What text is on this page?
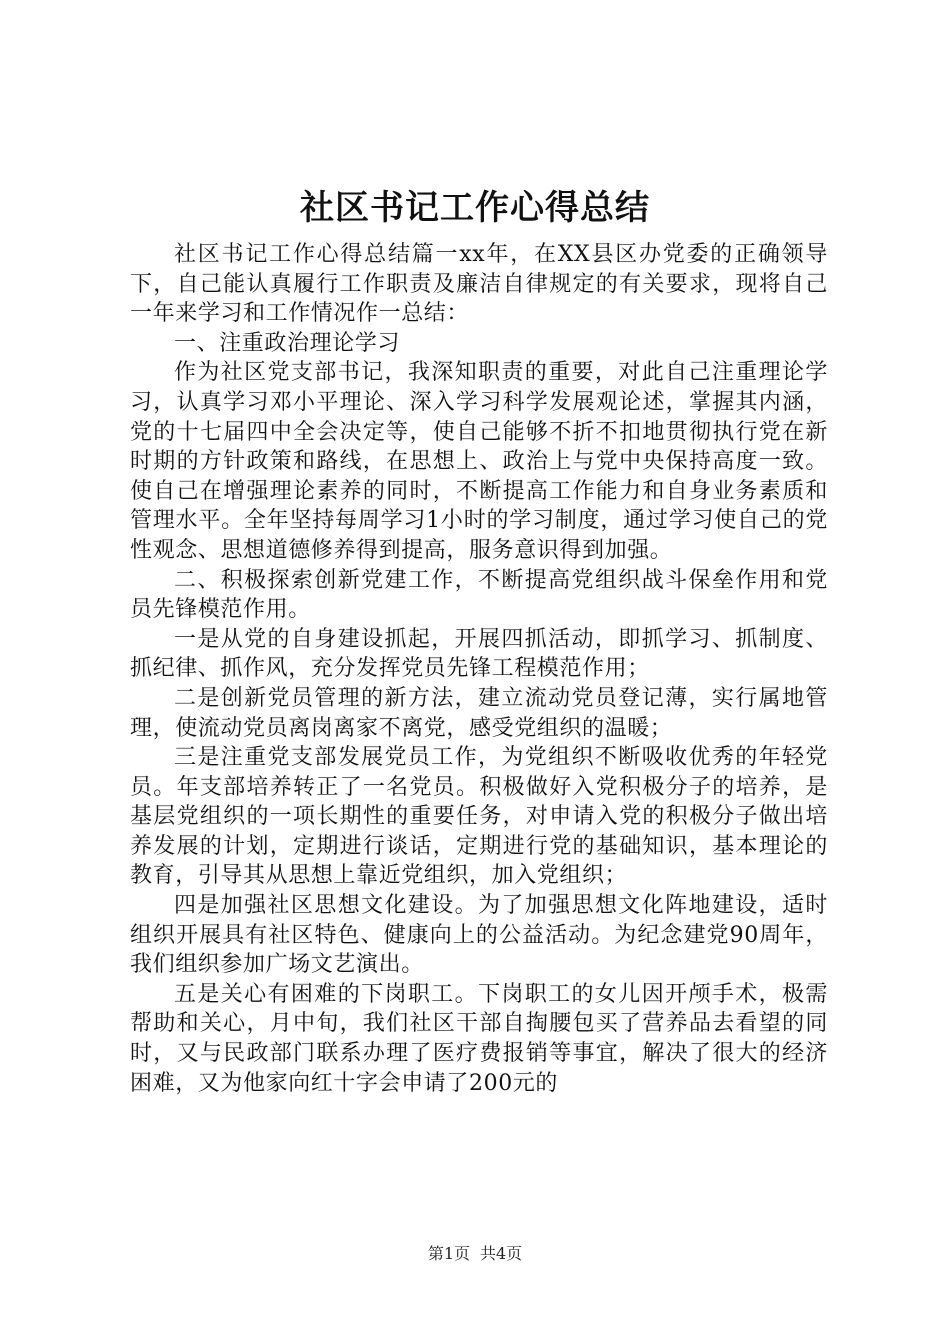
社区书记工作心得总结

社区书记工作心得总结篇一xx年，在XX县区办党委的正确领导下，自己能认真履行工作职责及廉洁自律规定的有关要求，现将自己一年来学习和工作情况作一总结：

一、注重政治理论学习

作为社区党支部书记，我深知职责的重要，对此自己注重理论学习，认真学习邓小平理论、深入学习科学发展观论述，掌握其内涵，党的十七届四中全会决定等，使自己能够不折不扣地贯彻执行党在新时期的方针政策和路线，在思想上、政治上与党中央保持高度一致。使自己在增强理论素养的同时，不断提高工作能力和自身业务素质和管理水平。全年坚持每周学习1小时的学习制度，通过学习使自己的党性观念、思想道德修养得到提高，服务意识得到加强。

二、积极探索创新党建工作，不断提高党组织战斗保垒作用和党员先锋模范作用。

一是从党的自身建设抓起，开展四抓活动，即抓学习、抓制度、抓纪律、抓作风，充分发挥党员先锋工程模范作用；

二是创新党员管理的新方法，建立流动党员登记薄，实行属地管理，使流动党员离岗离家不离党，感受党组织的温暖；

三是注重党支部发展党员工作，为党组织不断吸收优秀的年轻党员。年支部培养转正了一名党员。积极做好入党积极分子的培养，是基层党组织的一项长期性的重要任务，对申请入党的积极分子做出培养发展的计划，定期进行谈话，定期进行党的基础知识，基本理论的教育，引导其从思想上靠近党组织，加入党组织；

四是加强社区思想文化建设。为了加强思想文化阵地建设，适时组织开展具有社区特色、健康向上的公益活动。为纪念建党90周年，我们组织参加广场文艺演出。

五是关心有困难的下岗职工。下岗职工的女儿因开颅手术，极需帮助和关心，月中旬，我们社区干部自掏腰包买了营养品去看望的同时，又与民政部门联系办理了医疗费报销等事宜，解决了很大的经济困难，又为他家向红十字会申请了200元的

第1页 共4页
